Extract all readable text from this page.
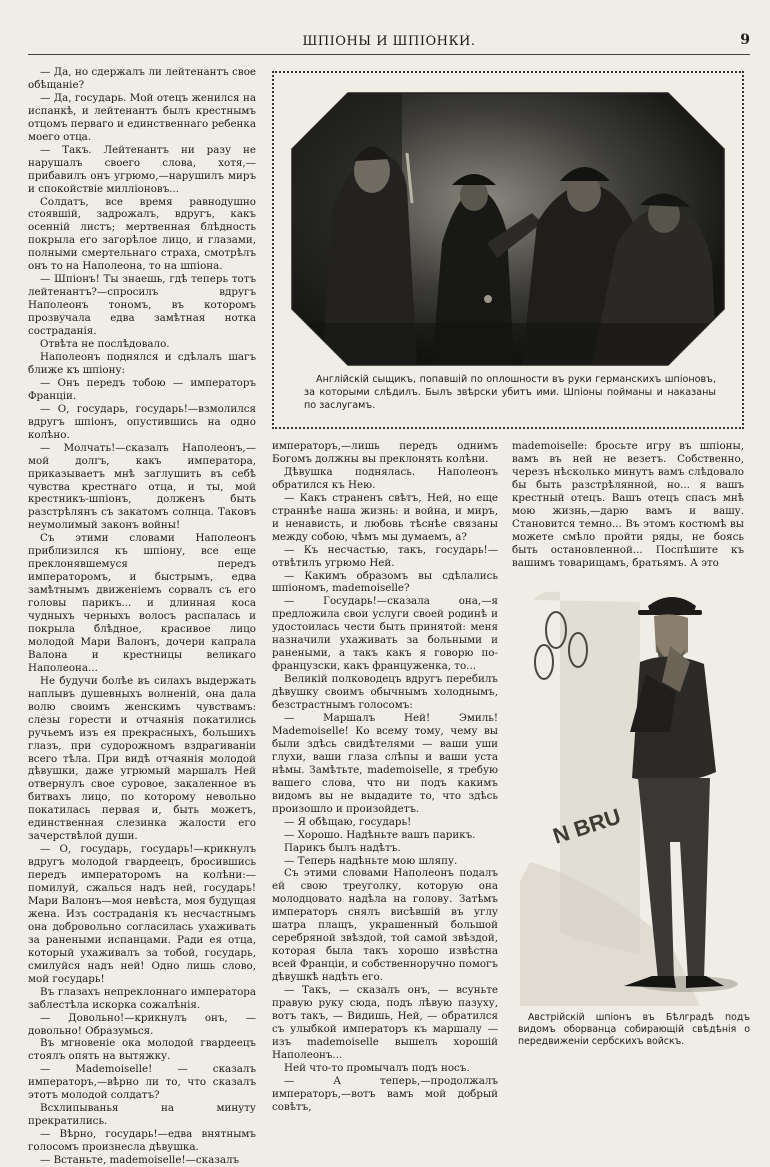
ШПІОНЫ И ШПІОНКИ.	9

— Да, но сдержалъ ли лейтенантъ свое обѣщаніе?

— Да, государь. Мой отецъ женился на испанкѣ, и лейтенантъ былъ крестнымъ отцомъ перваго и единственнаго ребенка моего отца.

— Такъ. Лейтенантъ ни разу не нарушалъ своего слова, хотя,—прибавилъ онъ угрюмо,—нарушилъ миръ и спокойствіе милліоновъ...

Солдатъ, все время равнодушно стоявшій, задрожалъ, вдругъ, какъ осенній листъ; мертвенная блѣдность покрыла его загорѣлое лицо, и глазами, полными смертельнаго страха, смотрѣлъ онъ то на Наполеона, то на шпіона.

— Шпіонъ! Ты знаешь, гдѣ теперь тотъ лейтенантъ?—спросилъ вдругъ Наполеонъ тономъ, въ которомъ прозвучала едва замѣтная нотка состраданія.

Отвѣта не послѣдовало.

Наполеонъ поднялся и сдѣлалъ шагъ ближе къ шпіону:

— Онъ передъ тобою — императоръ Франціи.

— О, государь, государь!—взмолился вдругъ шпіонъ, опустившись на одно колѣно.

— Молчать!—сказалъ Наполеонъ,—мой долгъ, какъ императора, приказываетъ мнѣ заглушить въ себѣ чувства крестнаго отца, и ты, мой крестникъ-шпіонъ, долженъ быть разстрѣлянъ съ закатомъ солнца. Таковъ неумолимый законъ войны!

Съ этими словами Наполеонъ приблизился къ шпіону, все еще преклонявшемуся передъ императоромъ, и быстрымъ, едва замѣтнымъ движеніемъ сорвалъ съ его головы парикъ... и длинная коса чудныхъ черныхъ волосъ распалась и покрыла блѣдное, красивое лицо молодой Мари Валонъ, дочери капрала Валона и крестницы великаго Наполеона...

Не будучи болѣе въ силахъ выдержать наплывъ душевныхъ волненій, она дала волю своимъ женскимъ чувствамъ: слезы горести и отчаянія покатились ручьемъ изъ ея прекрасныхъ, большихъ глазъ, при судорожномъ вздрагиваніи всего тѣла. При видѣ отчаянія молодой дѣвушки, даже угрюмый маршалъ Ней отвернулъ свое суровое, закаленное въ битвахъ лицо, по которому невольно покатилась первая и, быть можетъ, единственная слезинка жалости его зачерствѣлой души.

— О, государь, государь!—крикнулъ вдругъ молодой гвардеецъ, бросившись передъ императоромъ на колѣни:—помилуй, сжалься надъ ней, государь! Мари Валонъ—моя невѣста, моя будущая жена. Изъ состраданія къ несчастнымъ она добровольно согласилась ухаживать за ранеными испанцами. Ради ея отца, который ухаживалъ за тобой, государь, смилуйся надъ ней! Одно лишь слово, мой государь!

Въ глазахъ непреклоннаго императора заблестѣла искорка сожалѣнія.

— Довольно!—крикнулъ онъ, — довольно! Образумься.

Въ мгновеніе ока молодой гвардеецъ стоялъ опять на вытяжку.

— Mademoiselle! — сказалъ императоръ,—вѣрно ли то, что сказалъ этотъ молодой солдатъ?

Всхлипыванья на минуту прекратились.

— Вѣрно, государь!—едва внятнымъ голосомъ произнесла дѣвушка.

— Встаньте, mademoiselle!—сказалъ

Англійскій сыщикъ, попавшій по оплошности въ руки германскихъ шпіоновъ, за которыми слѣдилъ. Былъ звѣрски убитъ ими. Шпіоны пойманы и наказаны по заслугамъ.

императоръ,—лишь передъ однимъ Богомъ должны вы преклонять колѣни.

Дѣвушка поднялась. Наполеонъ обратился къ Нею.

— Какъ страненъ свѣтъ, Ней, но еще страннѣе наша жизнь: и война, и миръ, и ненависть, и любовь тѣснѣе связаны между собою, чѣмъ мы думаемъ, а?

— Къ несчастью, такъ, государь!—отвѣтилъ угрюмо Ней.

— Какимъ образомъ вы сдѣлались шпіономъ, mademoiselle?

— Государь!—сказала она,—я предложила свои услуги своей родинѣ и удостоилась чести быть принятой: меня назначили ухаживать за больными и ранеными, а такъ какъ я говорю по-французски, какъ француженка, то...

Великій полководецъ вдругъ перебилъ дѣвушку своимъ обычнымъ холоднымъ, безстрастнымъ голосомъ:

— Маршалъ Ней! Эмиль! Mademoiselle! Ко всему тому, чему вы были здѣсь свидѣтелями — ваши уши глухи, ваши глаза слѣпы и ваши уста нѣмы. Замѣтьте, mademoiselle, я требую вашего слова, что ни подъ какимъ видомъ вы не выдадите то, что здѣсь произошло и произойдетъ.

— Я обѣщаю, государь!

— Хорошо. Надѣньте вашъ парикъ.

Парикъ былъ надѣтъ.

— Теперь надѣньте мою шляпу.

Съ этими словами Наполеонъ подалъ ей свою треуголку, которую она молодцовато надѣла на голову. Затѣмъ императоръ снялъ висѣвшій въ углу шатра плащъ, украшенный большой серебряной звѣздой, той самой звѣздой, которая была такъ хорошо извѣстна всей Франціи, и собственноручно помогъ дѣвушкѣ надѣть его.

— Такъ, — сказалъ онъ, — всуньте правую руку сюда, подъ лѣвую пазуху, вотъ такъ, — Видишь, Ней, — обратился съ улыбкой императоръ къ маршалу — изъ mademoiselle вышелъ хорошій Наполеонъ...

Ней что-то промычалъ подъ носъ.

— А теперь,—продолжалъ императоръ,—вотъ вамъ мой добрый совѣтъ,

mademoiselle: бросьте игру въ шпіоны, вамъ въ ней не везетъ. Собственно, черезъ нѣсколько минутъ вамъ слѣдовало бы быть разстрѣлянной, но... я вашъ крестный отецъ. Вашъ отецъ спасъ мнѣ мою жизнь,—дарю вамъ и вашу. Становится темно... Въ этомъ костюмѣ вы можете смѣло пройти ряды, не боясь быть остановленной... Поспѣшите къ вашимъ товарищамъ, братьямъ. А это

N BRU
Австрійскій шпіонъ въ Бѣлградѣ подъ видомъ оборванца собирающій свѣдѣнія о передвиженіи сербскихъ войскъ.
